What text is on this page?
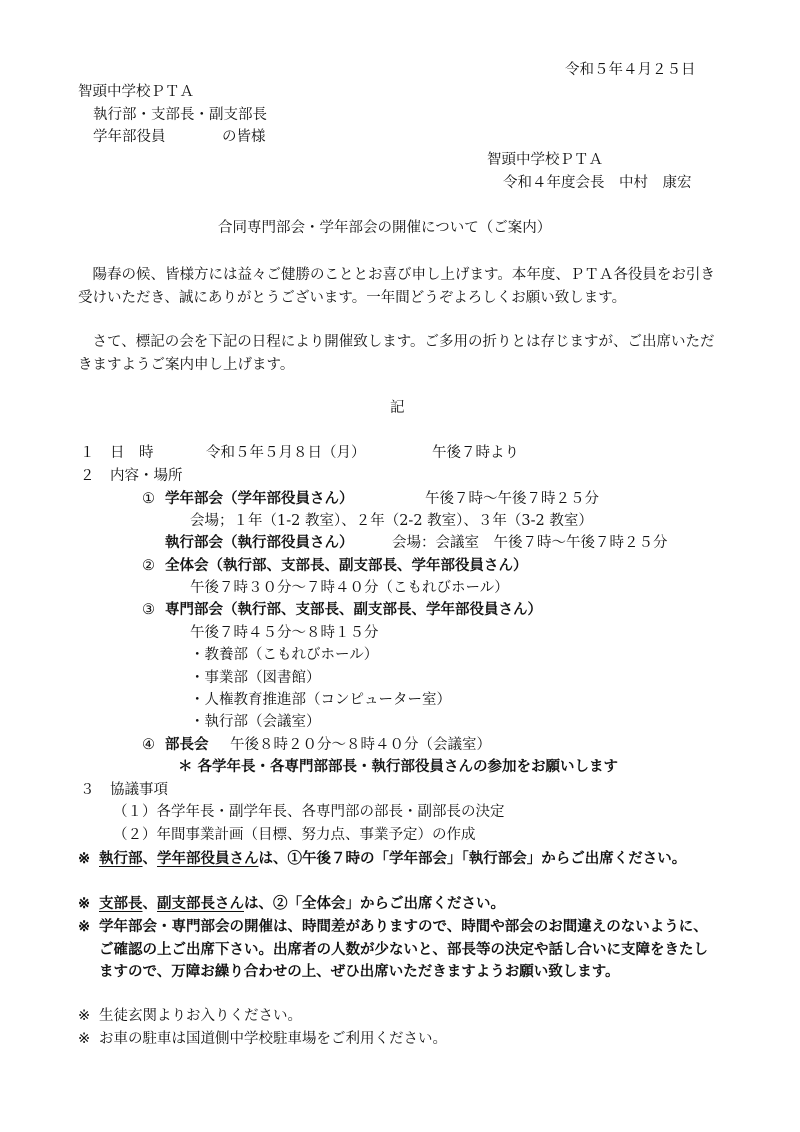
令和５年４月２５日
智頭中学校ＰＴＡ
執行部・支部長・副支部長
学年部役員	の皆様
智頭中学校ＰＴＡ
令和４年度会長　中村　康宏
合同専門部会・学年部会の開催について（ご案内）
陽春の候、皆様方には益々ご健勝のこととお喜び申し上げます。本年度、ＰＴＡ各役員をお引き受けいただき、誠にありがとうございます。一年間どうぞよろしくお願い致します。
さて、標記の会を下記の日程により開催致します。ご多用の折りとは存じますが、ご出席いただきますようご案内申し上げます。
記
１ 日　時	令和５年５月８日（月）	午後７時より
２ 内容・場所
① 学年部会（学年部役員さん）	午後７時～午後７時２５分
会場；１年（1-2 教室）、２年（2-2 教室）、３年（3-2 教室）
執行部会（執行部役員さん）	会場：会議室　午後７時～午後７時２５分
② 全体会（執行部、支部長、副支部長、学年部役員さん）
午後７時３０分～７時４０分（こもれびホール）
③ 専門部会（執行部、支部長、副支部長、学年部役員さん）
午後７時４５分～８時１５分
・教養部（こもれびホール）
・事業部（図書館）
・人権教育推進部（コンピューター室）
・執行部（会議室）
④ 部長会 午後８時２０分～８時４０分（会議室）
＊ 各学年長・各専門部部長・執行部役員さんの参加をお願いします
３ 協議事項
（１）各学年長・副学年長、各専門部の部長・副部長の決定
（２）年間事業計画（目標、努力点、事業予定）の作成
※ 執行部、学年部役員さんは、①午後７時の「学年部会」「執行部会」からご出席ください。
※ 支部長、副支部長さんは、②「全体会」からご出席ください。
※ 学年部会・専門部会の開催は、時間差がありますので、時間や部会のお間違えのないように、ご確認の上ご出席下さい。出席者の人数が少ないと、部長等の決定や話し合いに支障をきたしますので、万障お繰り合わせの上、ぜひ出席いただきますようお願い致します。
※ 生徒玄関よりお入りください。
※ お車の駐車は国道側中学校駐車場をご利用ください。
